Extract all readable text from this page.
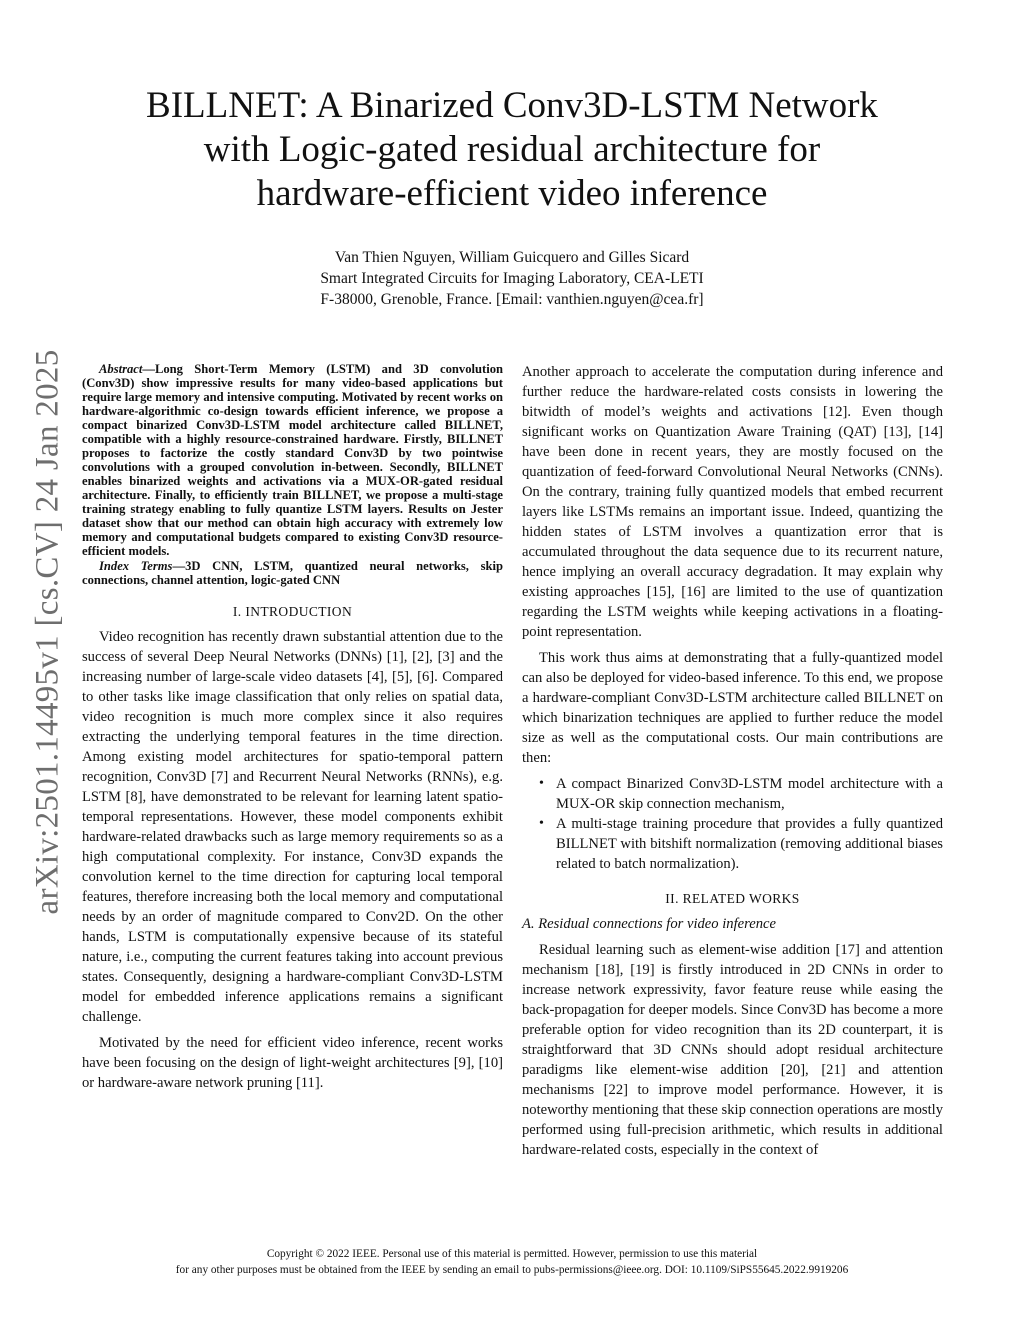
arXiv:2501.14495v1 [cs.CV] 24 Jan 2025
BILLNET: A Binarized Conv3D-LSTM Network
with Logic-gated residual architecture for
hardware-efficient video inference
Van Thien Nguyen, William Guicquero and Gilles Sicard
Smart Integrated Circuits for Imaging Laboratory, CEA-LETI
F-38000, Grenoble, France. [Email: vanthien.nguyen@cea.fr]

Abstract—Long Short-Term Memory (LSTM) and 3D convolution (Conv3D) show impressive results for many video-based applications but require large memory and intensive computing. Motivated by recent works on hardware-algorithmic co-design towards efficient inference, we propose a compact binarized Conv3D-LSTM model architecture called BILLNET, compatible with a highly resource-constrained hardware. Firstly, BILLNET proposes to factorize the costly standard Conv3D by two pointwise convolutions with a grouped convolution in-between. Secondly, BILLNET enables binarized weights and activations via a MUX-OR-gated residual architecture. Finally, to efficiently train BILLNET, we propose a multi-stage training strategy enabling to fully quantize LSTM layers. Results on Jester dataset show that our method can obtain high accuracy with extremely low memory and computational budgets compared to existing Conv3D resource-efficient models.

Index Terms—3D CNN, LSTM, quantized neural networks, skip connections, channel attention, logic-gated CNN

I. INTRODUCTION

Video recognition has recently drawn substantial attention due to the success of several Deep Neural Networks (DNNs) [1], [2], [3] and the increasing number of large-scale video datasets [4], [5], [6]. Compared to other tasks like image classification that only relies on spatial data, video recognition is much more complex since it also requires extracting the underlying temporal features in the time direction. Among existing model architectures for spatio-temporal pattern recognition, Conv3D [7] and Recurrent Neural Networks (RNNs), e.g. LSTM [8], have demonstrated to be relevant for learning latent spatio-temporal representations. However, these model components exhibit hardware-related drawbacks such as large memory requirements so as a high computational complexity. For instance, Conv3D expands the convolution kernel to the time direction for capturing local temporal features, therefore increasing both the local memory and computational needs by an order of magnitude compared to Conv2D. On the other hands, LSTM is computationally expensive because of its stateful nature, i.e., computing the current features taking into account previous states. Consequently, designing a hardware-compliant Conv3D-LSTM model for embedded inference applications remains a significant challenge.

Motivated by the need for efficient video inference, recent works have been focusing on the design of light-weight architectures [9], [10] or hardware-aware network pruning [11].

Another approach to accelerate the computation during inference and further reduce the hardware-related costs consists in lowering the bitwidth of model’s weights and activations [12]. Even though significant works on Quantization Aware Training (QAT) [13], [14] have been done in recent years, they are mostly focused on the quantization of feed-forward Convolutional Neural Networks (CNNs). On the contrary, training fully quantized models that embed recurrent layers like LSTMs remains an important issue. Indeed, quantizing the hidden states of LSTM involves a quantization error that is accumulated throughout the data sequence due to its recurrent nature, hence implying an overall accuracy degradation. It may explain why existing approaches [15], [16] are limited to the use of quantization regarding the LSTM weights while keeping activations in a floating-point representation.

This work thus aims at demonstrating that a fully-quantized model can also be deployed for video-based inference. To this end, we propose a hardware-compliant Conv3D-LSTM architecture called BILLNET on which binarization techniques are applied to further reduce the model size as well as the computational costs. Our main contributions are then:

• A compact Binarized Conv3D-LSTM model architecture with a MUX-OR skip connection mechanism,
• A multi-stage training procedure that provides a fully quantized BILLNET with bitshift normalization (removing additional biases related to batch normalization).

II. RELATED WORKS

A. Residual connections for video inference

Residual learning such as element-wise addition [17] and attention mechanism [18], [19] is firstly introduced in 2D CNNs in order to increase network expressivity, favor feature reuse while easing the back-propagation for deeper models. Since Conv3D has become a more preferable option for video recognition than its 2D counterpart, it is straightforward that 3D CNNs should adopt residual architecture paradigms like element-wise addition [20], [21] and attention mechanisms [22] to improve model performance. However, it is noteworthy mentioning that these skip connection operations are mostly performed using full-precision arithmetic, which results in additional hardware-related costs, especially in the context of

Copyright © 2022 IEEE. Personal use of this material is permitted. However, permission to use this material
for any other purposes must be obtained from the IEEE by sending an email to pubs-permissions@ieee.org. DOI: 10.1109/SiPS55645.2022.9919206
